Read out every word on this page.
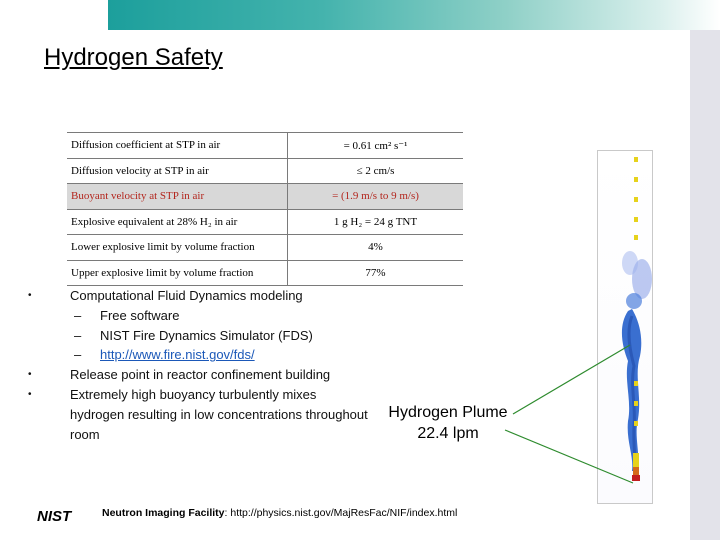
Hydrogen Safety
Diffusion coefficient at STP in air	= 0.61 cm² s⁻¹
Diffusion velocity at STP in air	≤ 2 cm/s
Buoyant velocity at STP in air	= (1.9 m/s to 9 m/s)
Explosive equivalent at 28% H₂ in air	1 g H₂ = 24 g TNT
Lower explosive limit by volume fraction	4%
Upper explosive limit by volume fraction	77%
•	Computational Fluid Dynamics modeling
– Free software
– NIST Fire Dynamics Simulator (FDS)
– http://www.fire.nist.gov/fds/
•	Release point in reactor confinement building
•	Extremely high buoyancy turbulently mixes hydrogen resulting in low concentrations throughout room
Hydrogen Plume
22.4 lpm
NIST	Neutron Imaging Facility: http://physics.nist.gov/MajResFac/NIF/index.html
